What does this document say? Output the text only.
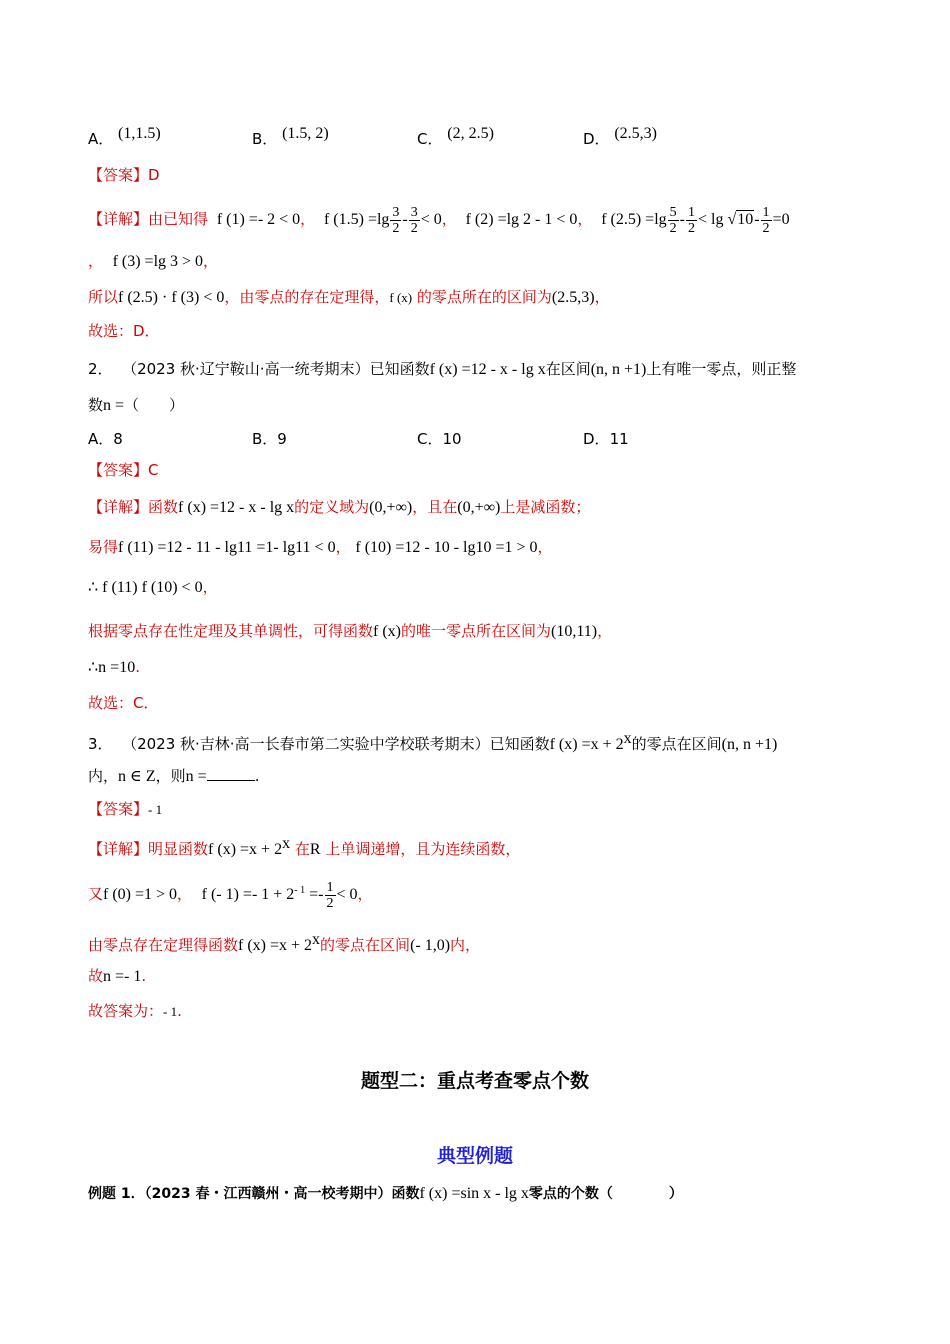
A． (1,1.5)	B． (1.5, 2)	C． (2, 2.5)	D． (2.5,3)
【答案】D
【详解】由已知得 f (1) =- 2 < 0， f $(1.5) =\lg \frac{3}{2} - \frac{3}{2} < 0$， f (2) =lg 2 - 1 < 0， f $(2.5) =\lg \frac{5}{2} - \frac{1}{2} < \lg √10- \frac{1}{2} =0$
， f (3) =lg 3 > 0，
所以f (2.5) · f (3) < 0，由零点的存在定理得，f (x) 的零点所在的区间为(2.5,3)，
故选：D．
2． （2023 秋·辽宁鞍山·高一统考期末）已知函数f (x) =12 - x - lg x在区间(n, n +1)上有唯一零点，则正整
数n =（　　）
A．8	B．9	C．10	D．11
【答案】C
【详解】函数f (x) =12 - x - lg x的定义域为(0,+∞)，且在(0,+∞)上是减函数；
易得f (11) =12 - 11 - lg11 =1- lg11 < 0， f (10) =12 - 10 - lg10 =1 > 0，
∴ f (11) f (10) < 0，
根据零点存在性定理及其单调性，可得函数f (x)的唯一零点所在区间为(10,11)，
∴n =10.
故选：C．
3． （2023 秋·吉林·高一长春市第二实验中学校联考期末）已知函数f $(x) =x + 2^x$的零点在区间(n, n +1)
内，n ∈ Z，则n =	.
【答案】- 1
【详解】明显函数f $(x) =x + 2^x$ 在R 上单调递增，且为连续函数，
又f (0) =1 > 0， f (- $1) =- 1 + 2^{- 1} =- \frac{1}{2} < 0$，
由零点存在定理得函数f $(x) =x + 2^x$的零点在区间(- 1,0)内，
故n =- 1.
故答案为：- 1.
题型二：重点考查零点个数
典型例题
例题 1．（2023 春・江西赣州・高一校考期中）函数f (x) =sin x - lg x零点的个数（　　　　）
